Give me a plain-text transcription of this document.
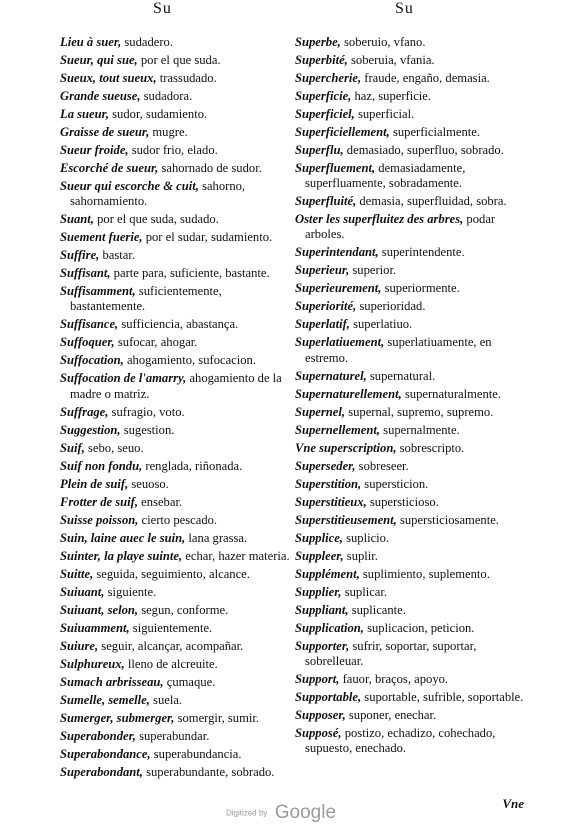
Su	Su

Lieu à suer, sudadero.

Sueur, qui sue, por el que suda.

Sueux, tout sueux, trassudado.

Grande sueuse, sudadora.

La sueur, sudor, sudamiento.

Graisse de sueur, mugre.

Sueur froide, sudor frio, elado.

Escorché de sueur, sahornado de sudor.

Sueur qui escorche & cuit, sahorno, sahornamiento.

Suant, por el que suda, sudado.

Suement fuerie, por el sudar, sudamiento.

Suffire, bastar.

Suffisant, parte para, suficiente, bastante.

Suffisamment, suficientemente, bastantemente.

Suffisance, sufficiencia, abastança.

Suffoquer, sufocar, ahogar.

Suffocation, ahogamiento, sufocacion.

Suffocation de l'amarry, ahogamiento de la madre o matriz.

Suffrage, sufragio, voto.

Suggestion, sugestion.

Suif, sebo, seuo.

Suif non fondu, renglada, riñonada.

Plein de suif, seuoso.

Frotter de suif, ensebar.

Suisse poisson, cierto pescado.

Suin, laine auec le suin, lana grassa.

Suinter, la playe suinte, echar, hazer materia.

Suitte, seguida, seguimiento, alcance.

Suiuant, siguiente.

Suiuant, selon, segun, conforme.

Suiuamment, siguientemente.

Suiure, seguir, alcançar, acompañar.

Sulphureux, lleno de alcreuite.

Sumach arbrisseau, çumaque.

Sumelle, semelle, suela.

Sumerger, submerger, somergir, sumir.

Superabonder, superabundar.

Superabondance, superabundancia.

Superabondant, superabundante, sobrado.

Superbe, soberuio, vfano.

Superbité, soberuia, vfania.

Supercherie, fraude, engaño, demasia.

Superficie, haz, superficie.

Superficiel, superficial.

Superficiellement, superficialmente.

Superflu, demasiado, superfluo, sobrado.

Superfluement, demasiadamente, superfluamente, sobradamente.

Superfluité, demasia, superfluidad, sobra.

Oster les superfluitez des arbres, podar arboles.

Superintendant, superintendente.

Superieur, superior.

Superieurement, superiormente.

Superiorité, superioridad.

Superlatif, superlatiuo.

Superlatiuement, superlatiuamente, en estremo.

Supernaturel, supernatural.

Supernaturellement, supernaturalmente.

Supernel, supernal, supremo, supremo.

Supernellement, supernalmente.

Vne superscription, sobrescripto.

Superseder, sobreseer.

Superstition, supersticion.

Superstitieux, supersticioso.

Superstitieusement, supersticiosamente.

Supplice, suplicio.

Suppleer, suplir.

Supplément, suplimiento, suplemento.

Supplier, suplicar.

Suppliant, suplicante.

Supplication, suplicacion, peticion.

Supporter, sufrir, soportar, suportar, sobrelleuar.

Support, fauor, braços, apoyo.

Supportable, suportable, sufrible, soportable.

Supposer, suponer, enechar.

Supposé, postizo, echadizo, cohechado, supuesto, enechado.

Vne
Digitized by Google
